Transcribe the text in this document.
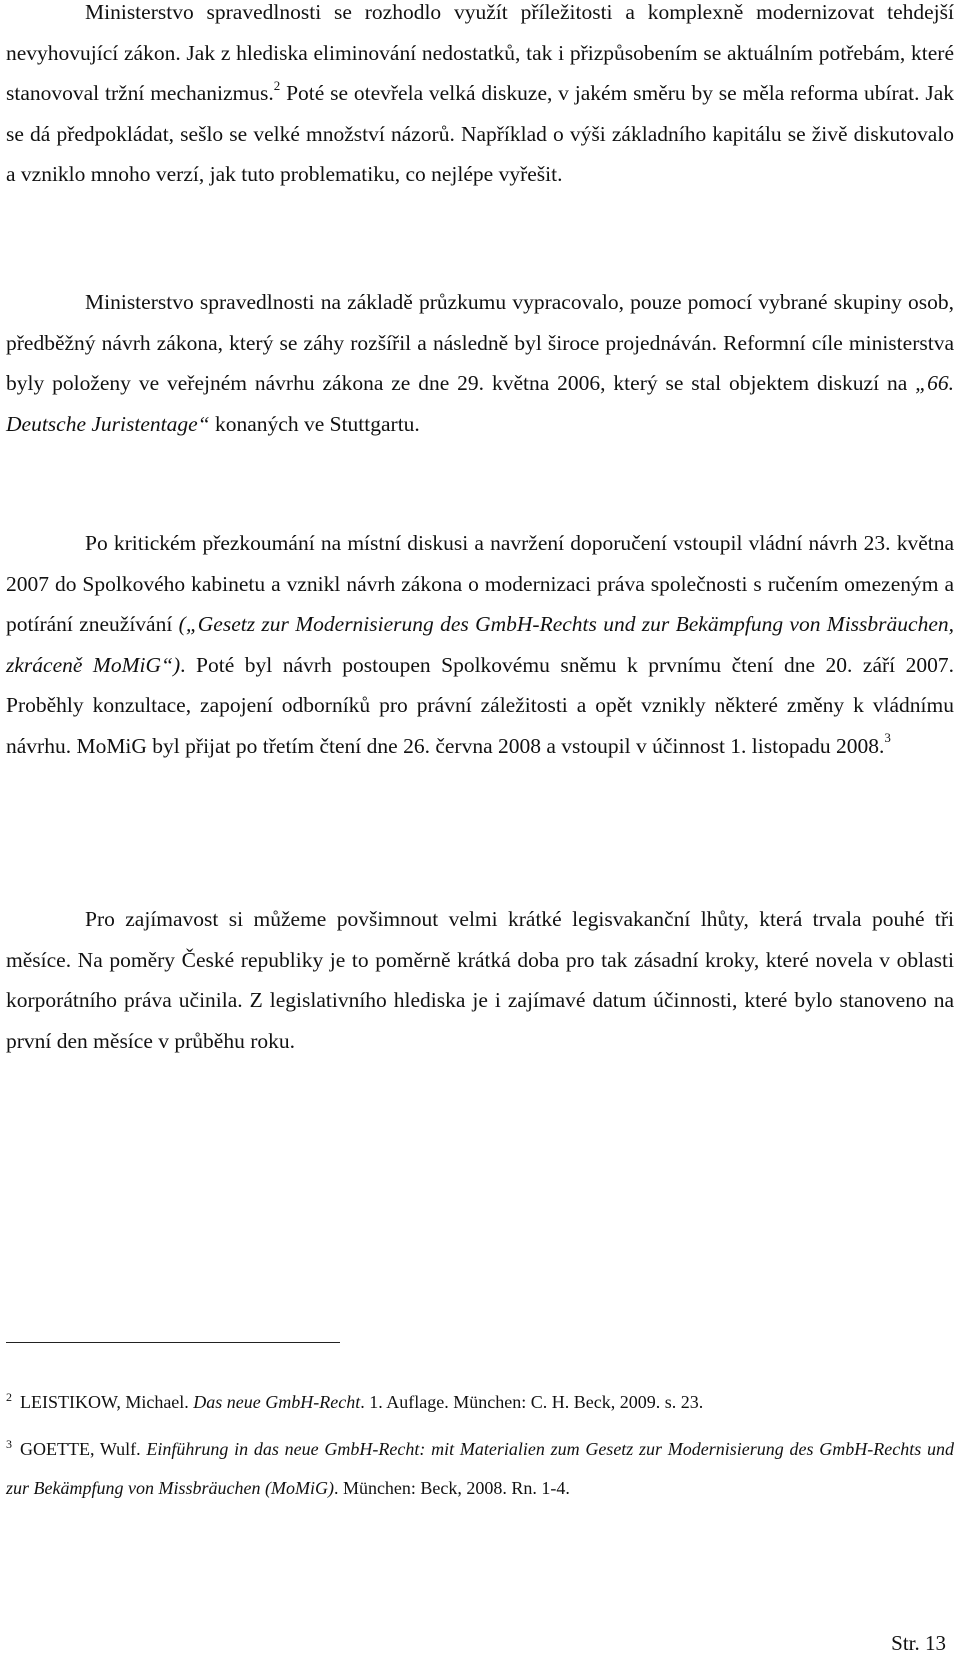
Ministerstvo spravedlnosti se rozhodlo využít příležitosti a komplexně modernizovat tehdejší nevyhovující zákon. Jak z hlediska eliminování nedostatků, tak i přizpůsobením se aktuálním potřebám, které stanovoval tržní mechanizmus.$^2$ Poté se otevřela velká diskuze, v jakém směru by se měla reforma ubírat. Jak se dá předpokládat, sešlo se velké množství názorů. Například o výši základního kapitálu se živě diskutovalo a vzniklo mnoho verzí, jak tuto problematiku, co nejlépe vyřešit.

Ministerstvo spravedlnosti na základě průzkumu vypracovalo, pouze pomocí vybrané skupiny osob, předběžný návrh zákona, který se záhy rozšířil a následně byl široce projednáván. Reformní cíle ministerstva byly položeny ve veřejném návrhu zákona ze dne 29. května 2006, který se stal objektem diskuzí na „66. Deutsche Juristentage“ konaných ve Stuttgartu.

Po kritickém přezkoumání na místní diskusi a navržení doporučení vstoupil vládní návrh 23. května 2007 do Spolkového kabinetu a vznikl návrh zákona o modernizaci práva společnosti s ručením omezeným a potírání zneužívání („Gesetz zur Modernisierung des GmbH-Rechts und zur Bekämpfung von Missbräuchen, zkráceně MoMiG“). Poté byl návrh postoupen Spolkovému sněmu k prvnímu čtení dne 20. září 2007. Proběhly konzultace, zapojení odborníků pro právní záležitosti a opět vznikly některé změny k vládnímu návrhu. MoMiG byl přijat po třetím čtení dne 26. června 2008 a vstoupil v účinnost 1. listopadu 2008.$^3$

Pro zajímavost si můžeme povšimnout velmi krátké legisvakanční lhůty, která trvala pouhé tři měsíce. Na poměry České republiky je to poměrně krátká doba pro tak zásadní kroky, které novela v oblasti korporátního práva učinila. Z legislativního hlediska je i zajímavé datum účinnosti, které bylo stanoveno na první den měsíce v průběhu roku.

$^2$ LEISTIKOW, Michael. Das neue GmbH-Recht. 1. Auflage. München: C. H. Beck, 2009. s. 23.

$^3$ GOETTE, Wulf. Einführung in das neue GmbH-Recht: mit Materialien zum Gesetz zur Modernisierung des GmbH-Rechts und zur Bekämpfung von Missbräuchen (MoMiG). München: Beck, 2008. Rn. 1-4.

Str. 13
